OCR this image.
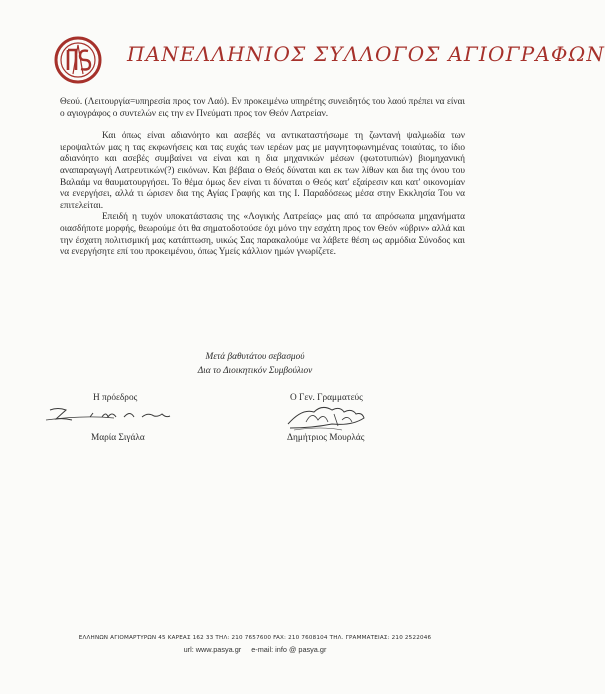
ΠΑΝΕΛΛΗΝΙΟΣ ΣΥΛΛΟΓΟΣ ΑΓΙΟΓΡΑΦΩΝ

Θεού. (Λειτουργία=υπηρεσία προς τον Λαό). Εν προκειμένω υπηρέτης συνειδητός του λαού πρέπει να είναι ο αγιογράφος ο συντελών εις την εν Πνεύματι προς τον Θεόν Λατρείαν.

Και όπως είναι αδιανόητο και ασεβές να αντικαταστήσωμε τη ζωντανή ψαλμωδία των ιεροψαλτών μας η τας εκφωνήσεις και τας ευχάς των ιερέων μας με μαγνητοφωνημένας τοιαύτας, το ίδιο αδιανόητο και ασεβές συμβαίνει να είναι και η δια μηχανικών μέσων (φωτοτυπιών) βιομηχανική αναπαραγωγή Λατρευτικών(?) εικόνων. Και βέβαια ο Θεός δύναται και εκ των λίθων και δια της όνου του Βαλαάμ να θαυματουργήσει. Το θέμα όμως δεν είναι τι δύναται ο Θεός κατ' εξαίρεσιν και κατ' οικονομίαν να ενεργήσει, αλλά τι ώρισεν δια της Αγίας Γραφής και της Ι. Παραδόσεως μέσα στην Εκκλησία Του να επιτελείται.

Επειδή η τυχόν υποκατάστασις της «Λογικής Λατρείας» μας από τα απρόσωπα μηχανήματα οιασδήποτε μορφής, θεωρούμε ότι θα σηματοδοτούσε όχι μόνο την εσχάτη προς τον Θεόν «ύβριν» αλλά και την έσχατη πολιτισμική μας κατάπτωση, υικώς Σας παρακαλούμε να λάβετε θέση ως αρμόδια Σύνοδος και να ενεργήσητε επί του προκειμένου, όπως Υμείς κάλλιον ημών γνωρίζετε.

Μετά βαθυτάτου σεβασμού
Δια το Διοικητικόν Συμβούλιον
Η πρόεδρος	Ο Γεν. Γραμματεύς
Μαρία Σιγάλα	Δημήτριος Μουρλάς
ΕΛΛΗΝΩΝ ΑΓΙΟΜΑΡΤΥΡΩΝ 45 ΚΑΡΕΑΣ 162 33 ΤΗΛ: 210 7657600 FAX: 210 7608104 ΤΗΛ. ΓΡΑΜΜΑΤΕΙΑΣ: 210 2522046
url: www.pasya.gr e-mail: info @ pasya.gr
